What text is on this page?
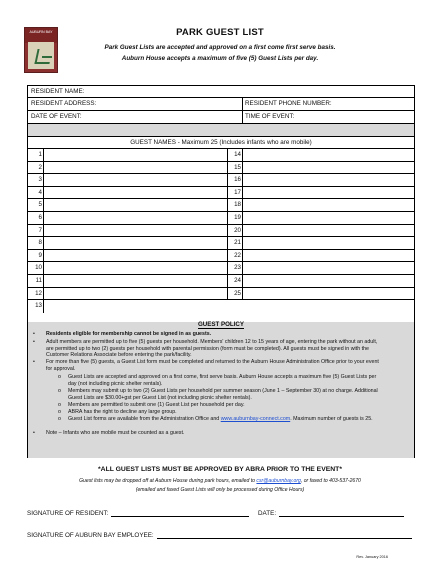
AUBURN BAY	PARK GUEST LIST
Park Guest Lists are accepted and approved on a first come first serve basis.
Auburn House accepts a maximum of five (5) Guest Lists per day.
RESIDENT NAME:
RESIDENT ADDRESS:	RESIDENT PHONE NUMBER:
DATE OF EVENT:	TIME OF EVENT:
GUEST NAMES - Maximum 25 (Includes infants who are mobile)
1	14
2	15
3	16
4	17
5	18
6	19
7	20
8	21
9	22
10	23
11	24
12	25
13
GUEST POLICY
• Residents eligible for membership cannot be signed in as guests.
• Adult members are permitted up to five (5) guests per household. Members' children 12 to 15 years of age, entering the park without an adult, are permitted up to two (2) guests per household with parental permission (form must be completed). All guests must be signed in with the Customer Relations Associate before entering the park/facility.
• For more than five (5) guests, a Guest List form must be completed and returned to the Auburn House Administration Office prior to your event for approval.
o Guest Lists are accepted and approved on a first come, first serve basis. Auburn House accepts a maximum five (5) Guest Lists per day (not including picnic shelter rentals).
o Members may submit up to two (2) Guest Lists per household per summer season (June 1 – September 30) at no charge. Additional Guest Lists are $30.00+gst per Guest List (not including picnic shelter rentals).
o Members are permitted to submit one (1) Guest List per household per day.
o ABRA has the right to decline any large group.
o Guest List forms are available from the Administration Office and www.auburnbay-connect.com. Maximum number of guests is 25.
• Note – Infants who are mobile must be counted as a guest.
*ALL GUEST LISTS MUST BE APPROVED BY ABRA PRIOR TO THE EVENT*
Guest lists may be dropped off at Auburn House during park hours, emailed to csr@auburnbay.org, or faxed to 403-537-2670
(emailed and faxed Guest Lists will only be processed during Office Hours)
SIGNATURE OF RESIDENT:	DATE:
SIGNATURE OF AUBURN BAY EMPLOYEE:
Rev. January 2016
